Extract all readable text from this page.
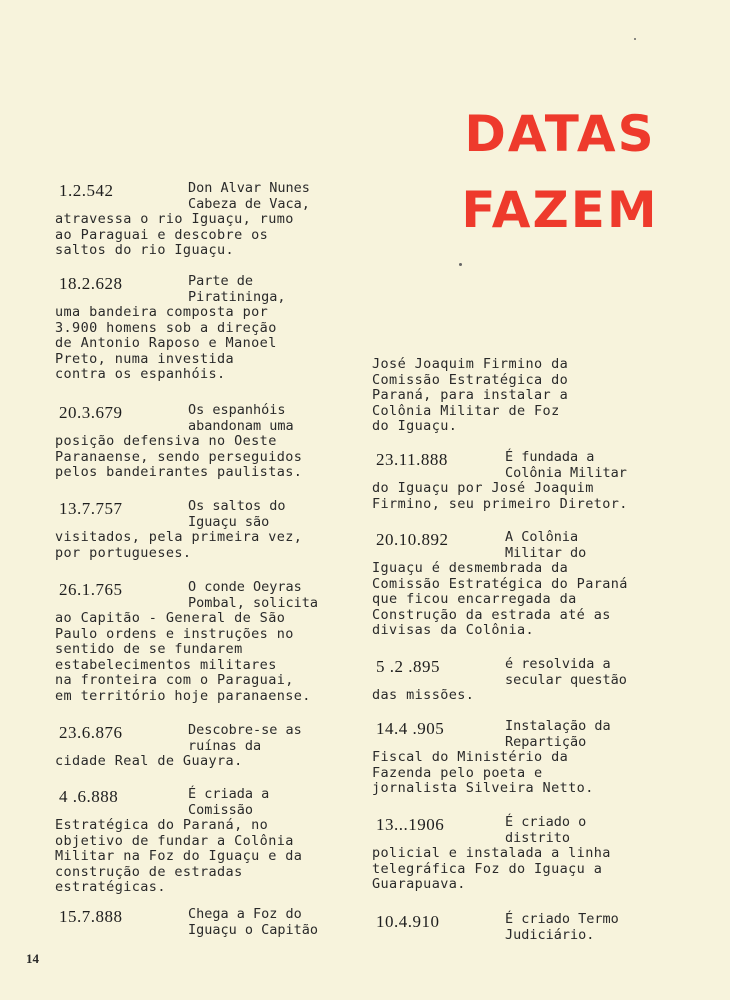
DATAS
FAZEM
1.2.542	Don Alvar Nunes
Cabeza de Vaca,
atravessa o rio Iguaçu, rumo
ao Paraguai e descobre os
saltos do rio Iguaçu.
18.2.628	Parte de
Piratininga,
uma bandeira composta por
3.900 homens sob a direção
de Antonio Raposo e Manoel
Preto, numa investida
contra os espanhóis.
20.3.679	Os espanhóis
abandonam uma
posição defensiva no Oeste
Paranaense, sendo perseguidos
pelos bandeirantes paulistas.
13.7.757	Os saltos do
Iguaçu são
visitados, pela primeira vez,
por portugueses.
26.1.765	O conde Oeyras
Pombal, solicita
ao Capitão - General de São
Paulo ordens e instruções no
sentido de se fundarem
estabelecimentos militares
na fronteira com o Paraguai,
em território hoje paranaense.
23.6.876	Descobre-se as
ruínas da
cidade Real de Guayra.
4 .6.888	É criada a
Comissão
Estratégica do Paraná, no
objetivo de fundar a Colônia
Militar na Foz do Iguaçu e da
construção de estradas
estratégicas.
15.7.888	Chega a Foz do
Iguaçu o Capitão
José Joaquim Firmino da
Comissão Estratégica do
Paraná, para instalar a
Colônia Militar de Foz
do Iguaçu.
23.11.888	É fundada a
Colônia Militar
do Iguaçu por José Joaquim
Firmino, seu primeiro Diretor.
20.10.892	A Colônia
Militar do
Iguaçu é desmembrada da
Comissão Estratégica do Paraná
que ficou encarregada da
Construção da estrada até as
divisas da Colônia.
5 .2 .895	é resolvida a
secular questão
das missões.
14.4 .905	Instalação da
Repartição
Fiscal do Ministério da
Fazenda pelo poeta e
jornalista Silveira Netto.
13...1906	É criado o
distrito
policial e instalada a linha
telegráfica Foz do Iguaçu a
Guarapuava.
10.4.910	É criado Termo
Judiciário.
14
